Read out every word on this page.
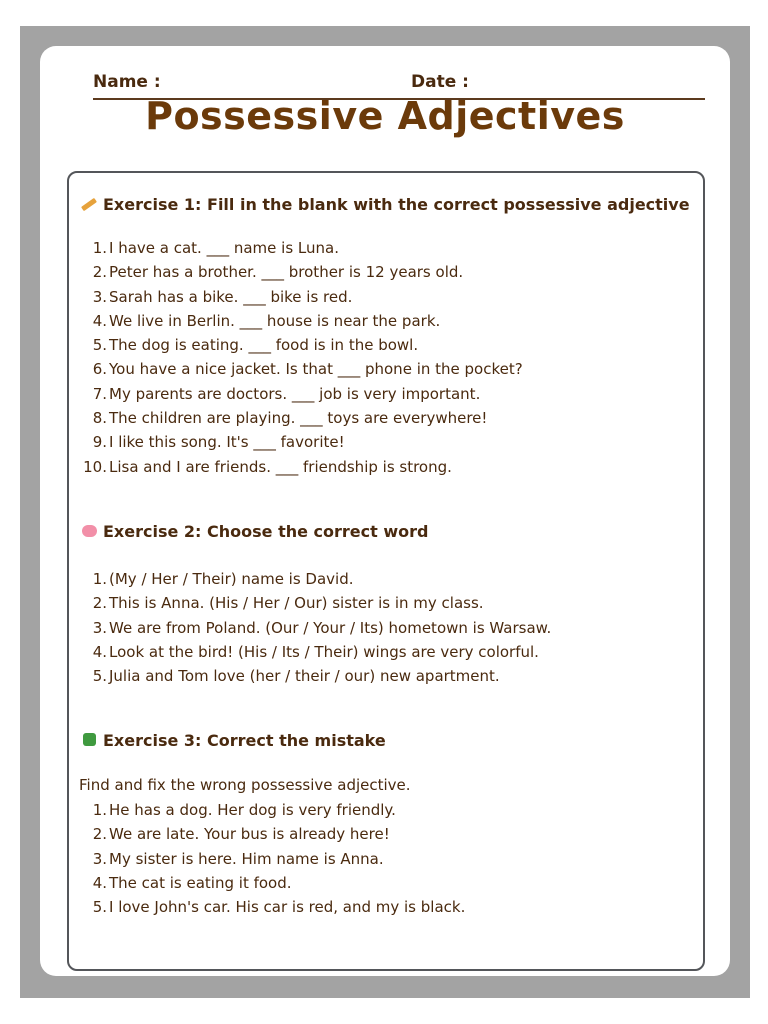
Name :	Date :
Possessive Adjectives
Exercise 1: Fill in the blank with the correct possessive adjective
1. I have a cat. ___ name is Luna.
2. Peter has a brother. ___ brother is 12 years old.
3. Sarah has a bike. ___ bike is red.
4. We live in Berlin. ___ house is near the park.
5. The dog is eating. ___ food is in the bowl.
6. You have a nice jacket. Is that ___ phone in the pocket?
7. My parents are doctors. ___ job is very important.
8. The children are playing. ___ toys are everywhere!
9. I like this song. It's ___ favorite!
10. Lisa and I are friends. ___ friendship is strong.
Exercise 2: Choose the correct word
1. (My / Her / Their) name is David.
2. This is Anna. (His / Her / Our) sister is in my class.
3. We are from Poland. (Our / Your / Its) hometown is Warsaw.
4. Look at the bird! (His / Its / Their) wings are very colorful.
5. Julia and Tom love (her / their / our) new apartment.
Exercise 3: Correct the mistake
Find and fix the wrong possessive adjective.
1. He has a dog. Her dog is very friendly.
2. We are late. Your bus is already here!
3. My sister is here. Him name is Anna.
4. The cat is eating it food.
5. I love John's car. His car is red, and my is black.
